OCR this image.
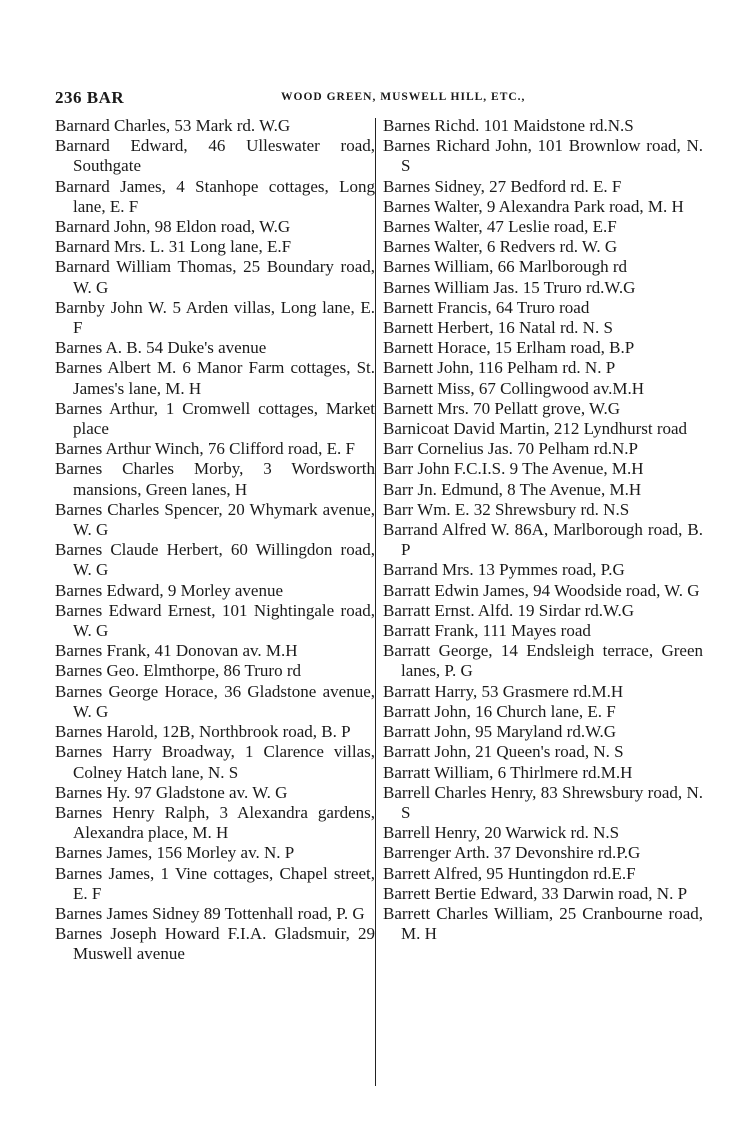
236 BAR	WOOD GREEN, MUSWELL HILL, ETC.,

Barnard Charles, 53 Mark rd. W.G

Barnard Edward, 46 Ulleswater road, Southgate

Barnard James, 4 Stanhope cottages, Long lane, E. F

Barnard John, 98 Eldon road, W.G

Barnard Mrs. L. 31 Long lane, E.F

Barnard William Thomas, 25 Boundary road, W. G

Barnby John W. 5 Arden villas, Long lane, E. F

Barnes A. B. 54 Duke's avenue

Barnes Albert M. 6 Manor Farm cottages, St. James's lane, M. H

Barnes Arthur, 1 Cromwell cottages, Market place

Barnes Arthur Winch, 76 Clifford road, E. F

Barnes Charles Morby, 3 Wordsworth mansions, Green lanes, H

Barnes Charles Spencer, 20 Whymark avenue, W. G

Barnes Claude Herbert, 60 Willingdon road, W. G

Barnes Edward, 9 Morley avenue

Barnes Edward Ernest, 101 Nightingale road, W. G

Barnes Frank, 41 Donovan av. M.H

Barnes Geo. Elmthorpe, 86 Truro rd

Barnes George Horace, 36 Gladstone avenue, W. G

Barnes Harold, 12B, Northbrook road, B. P

Barnes Harry Broadway, 1 Clarence villas, Colney Hatch lane, N. S

Barnes Hy. 97 Gladstone av. W. G

Barnes Henry Ralph, 3 Alexandra gardens, Alexandra place, M. H

Barnes James, 156 Morley av. N. P

Barnes James, 1 Vine cottages, Chapel street, E. F

Barnes James Sidney 89 Tottenhall road, P. G

Barnes Joseph Howard F.I.A. Gladsmuir, 29 Muswell avenue

Barnes Richd. 101 Maidstone rd.N.S

Barnes Richard John, 101 Brownlow road, N. S

Barnes Sidney, 27 Bedford rd. E. F

Barnes Walter, 9 Alexandra Park road, M. H

Barnes Walter, 47 Leslie road, E.F

Barnes Walter, 6 Redvers rd. W. G

Barnes William, 66 Marlborough rd

Barnes William Jas. 15 Truro rd.W.G

Barnett Francis, 64 Truro road

Barnett Herbert, 16 Natal rd. N. S

Barnett Horace, 15 Erlham road, B.P

Barnett John, 116 Pelham rd. N. P

Barnett Miss, 67 Collingwood av.M.H

Barnett Mrs. 70 Pellatt grove, W.G

Barnicoat David Martin, 212 Lyndhurst road

Barr Cornelius Jas. 70 Pelham rd.N.P

Barr John F.C.I.S. 9 The Avenue, M.H

Barr Jn. Edmund, 8 The Avenue, M.H

Barr Wm. E. 32 Shrewsbury rd. N.S

Barrand Alfred W. 86A, Marlborough road, B. P

Barrand Mrs. 13 Pymmes road, P.G

Barratt Edwin James, 94 Woodside road, W. G

Barratt Ernst. Alfd. 19 Sirdar rd.W.G

Barratt Frank, 111 Mayes road

Barratt George, 14 Endsleigh terrace, Green lanes, P. G

Barratt Harry, 53 Grasmere rd.M.H

Barratt John, 16 Church lane, E. F

Barratt John, 95 Maryland rd.W.G

Barratt John, 21 Queen's road, N. S

Barratt William, 6 Thirlmere rd.M.H

Barrell Charles Henry, 83 Shrewsbury road, N. S

Barrell Henry, 20 Warwick rd. N.S

Barrenger Arth. 37 Devonshire rd.P.G

Barrett Alfred, 95 Huntingdon rd.E.F

Barrett Bertie Edward, 33 Darwin road, N. P

Barrett Charles William, 25 Cranbourne road, M. H
